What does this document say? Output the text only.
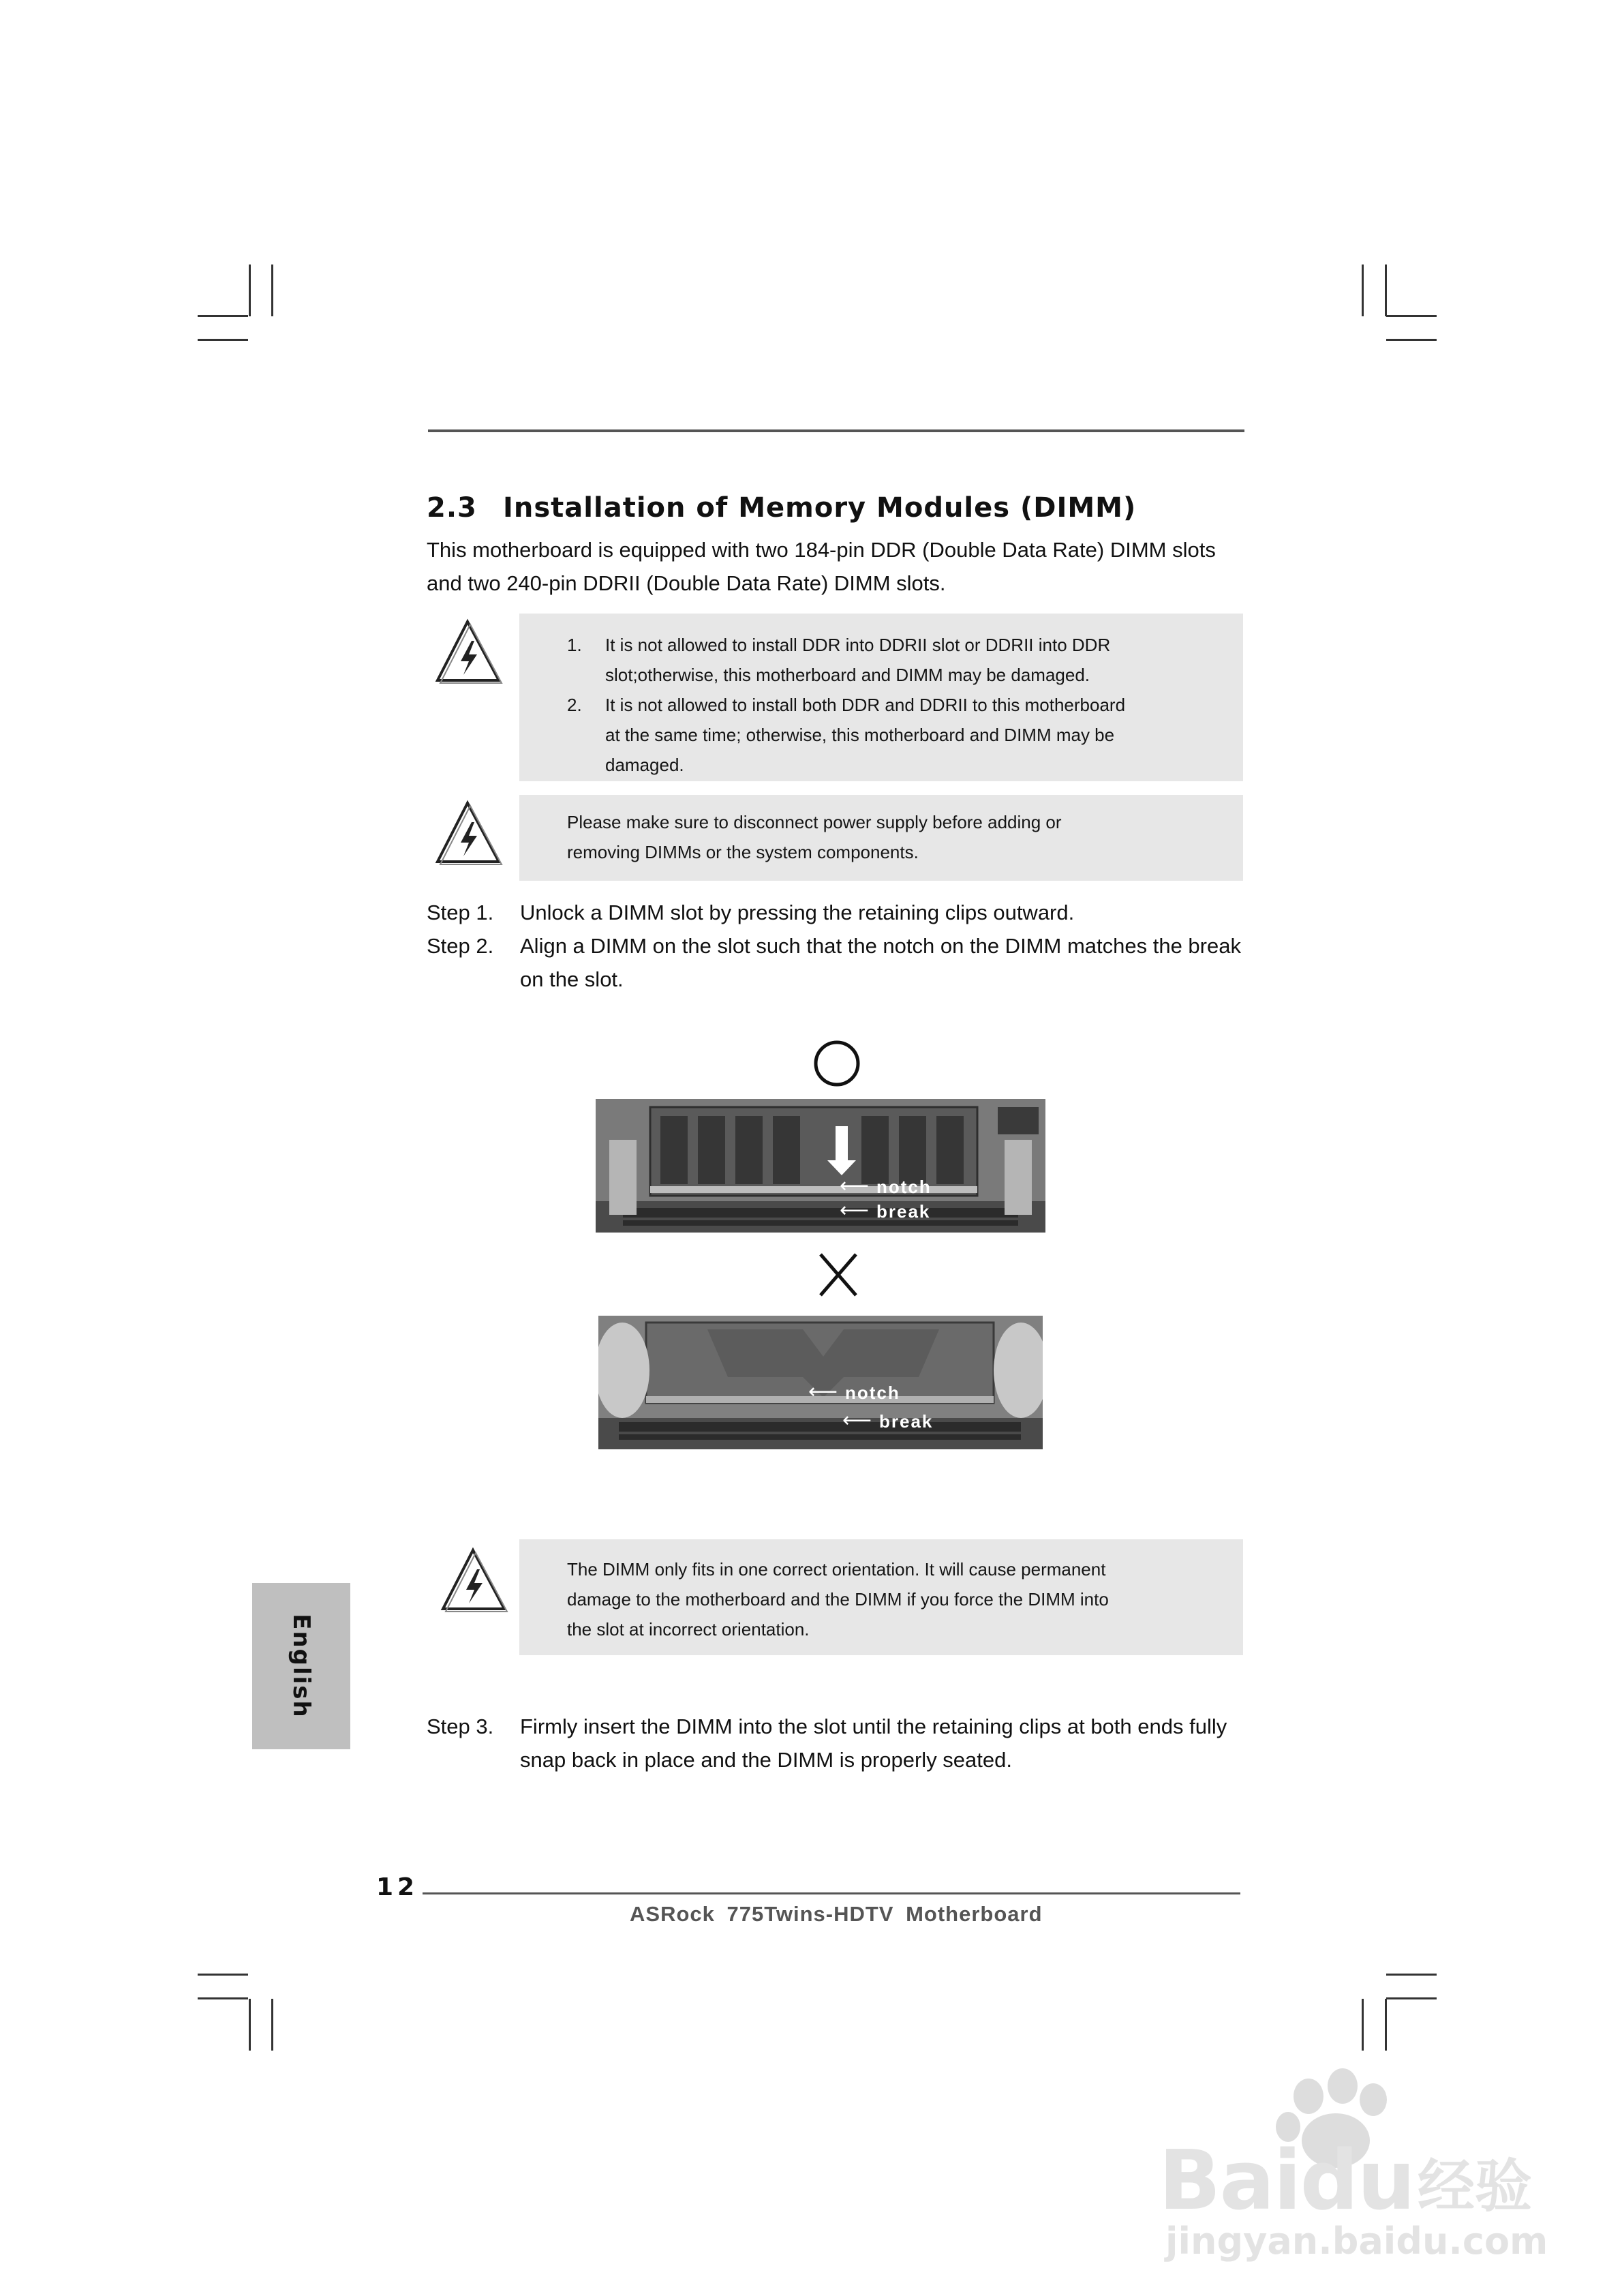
2.3 Installation of Memory Modules (DIMM)
This motherboard is equipped with two 184-pin DDR (Double Data Rate) DIMM slots
and two 240-pin DDRII (Double Data Rate) DIMM slots.
1. It is not allowed to install DDR into DDRII slot or DDRII into DDR
slot;otherwise, this motherboard and DIMM may be damaged.
2. It is not allowed to install both DDR and DDRII to this motherboard
at the same time; otherwise, this motherboard and DIMM may be
damaged.
Please make sure to disconnect power supply before adding or
removing DIMMs or the system components.
Step 1. Unlock a DIMM slot by pressing the retaining clips outward.
Step 2. Align a DIMM on the slot such that the notch on the DIMM matches the break
on the slot.
notch
⟵
break
⟵
notch
⟵
break
⟵
The DIMM only fits in one correct orientation. It will cause permanent
damage to the motherboard and the DIMM if you force the DIMM into
the slot at incorrect orientation.
English
Step 3. Firmly insert the DIMM into the slot until the retaining clips at both ends fully
snap back in place and the DIMM is properly seated.
12
ASRock 775Twins-HDTV Motherboard
Baidu 经验
jingyan.baidu.com
